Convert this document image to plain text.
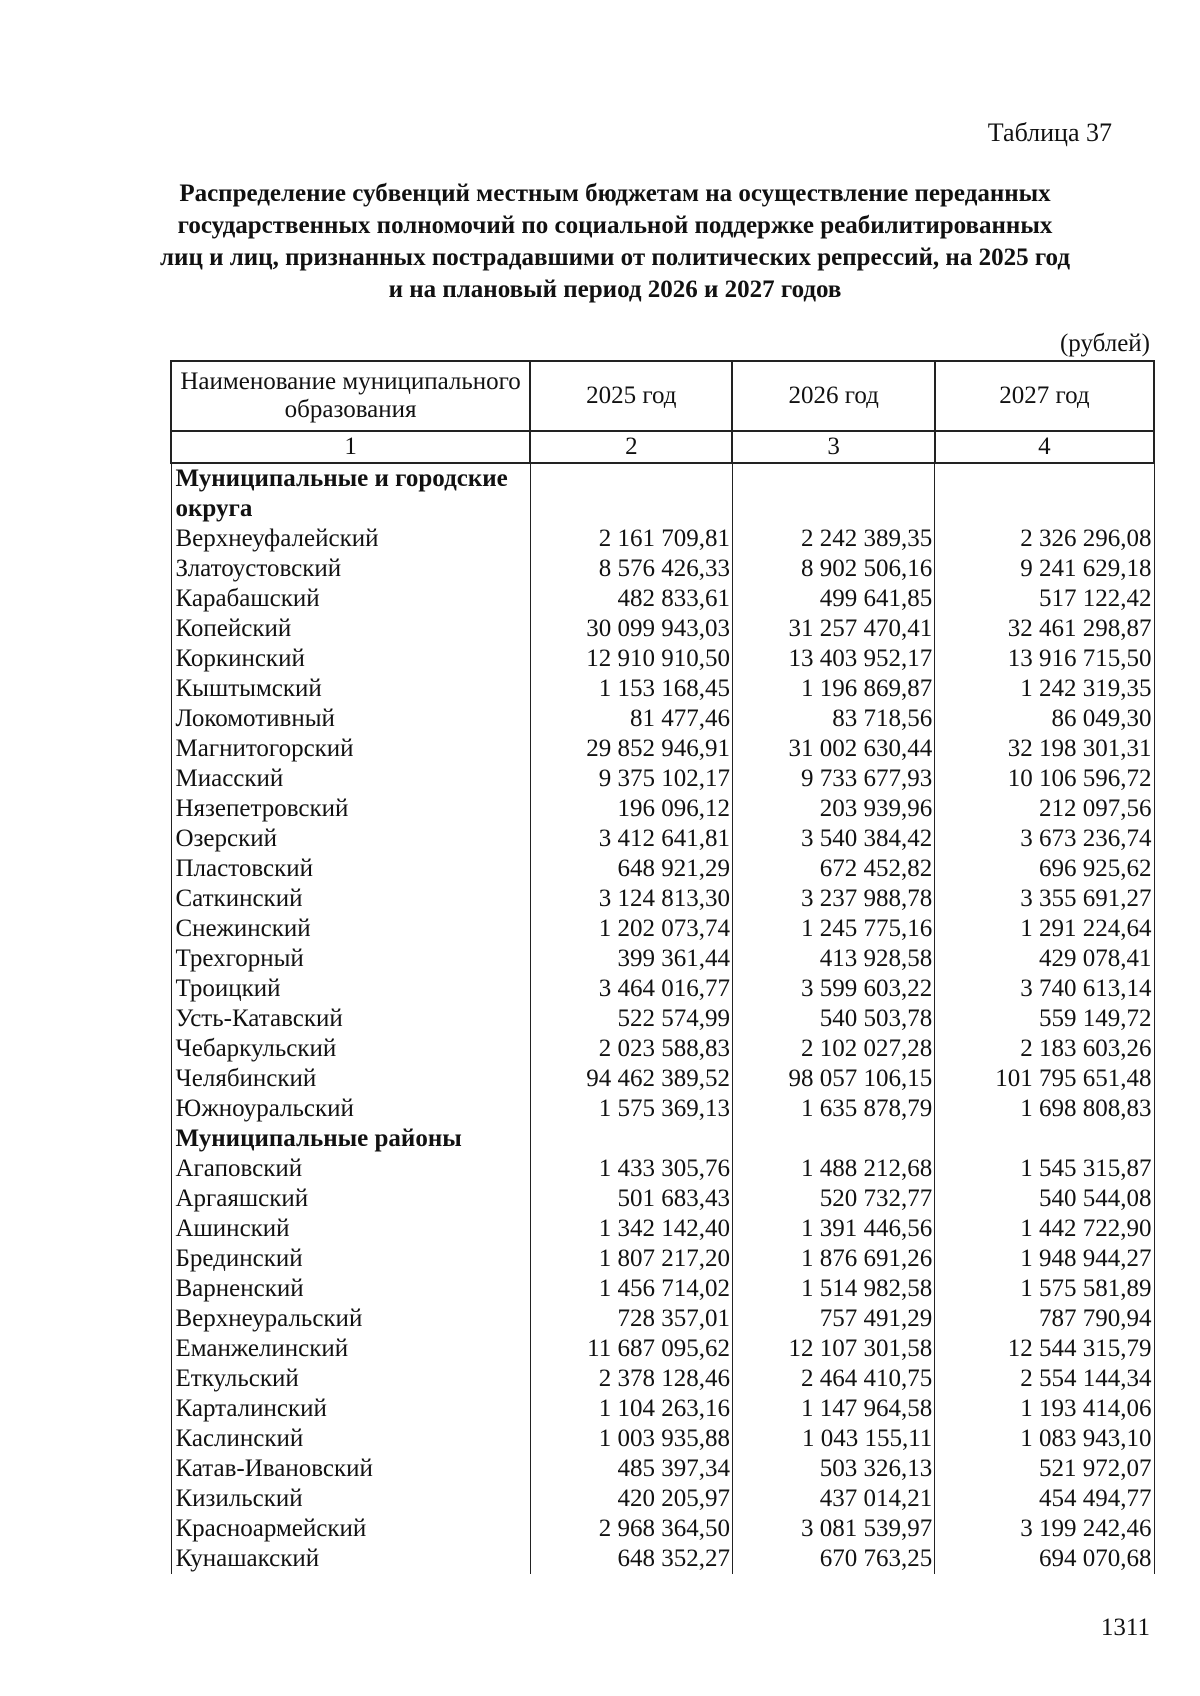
Таблица 37
Распределение субвенций местным бюджетам на осуществление переданных
государственных полномочий по социальной поддержке реабилитированных
лиц и лиц, признанных пострадавшими от политических репрессий, на 2025 год
и на плановый период 2026 и 2027 годов
(рублей)
Наименование муниципального образования	2025 год	2026 год	2027 год
1	2	3	4
Муниципальные и городские округа			
Верхнеуфалейский	2 161 709,81	2 242 389,35	2 326 296,08
Златоустовский	8 576 426,33	8 902 506,16	9 241 629,18
Карабашский	482 833,61	499 641,85	517 122,42
Копейский	30 099 943,03	31 257 470,41	32 461 298,87
Коркинский	12 910 910,50	13 403 952,17	13 916 715,50
Кыштымский	1 153 168,45	1 196 869,87	1 242 319,35
Локомотивный	81 477,46	83 718,56	86 049,30
Магнитогорский	29 852 946,91	31 002 630,44	32 198 301,31
Миасский	9 375 102,17	9 733 677,93	10 106 596,72
Нязепетровский	196 096,12	203 939,96	212 097,56
Озерский	3 412 641,81	3 540 384,42	3 673 236,74
Пластовский	648 921,29	672 452,82	696 925,62
Саткинский	3 124 813,30	3 237 988,78	3 355 691,27
Снежинский	1 202 073,74	1 245 775,16	1 291 224,64
Трехгорный	399 361,44	413 928,58	429 078,41
Троицкий	3 464 016,77	3 599 603,22	3 740 613,14
Усть-Катавский	522 574,99	540 503,78	559 149,72
Чебаркульский	2 023 588,83	2 102 027,28	2 183 603,26
Челябинский	94 462 389,52	98 057 106,15	101 795 651,48
Южноуральский	1 575 369,13	1 635 878,79	1 698 808,83
Муниципальные районы			
Агаповский	1 433 305,76	1 488 212,68	1 545 315,87
Аргаяшский	501 683,43	520 732,77	540 544,08
Ашинский	1 342 142,40	1 391 446,56	1 442 722,90
Брединский	1 807 217,20	1 876 691,26	1 948 944,27
Варненский	1 456 714,02	1 514 982,58	1 575 581,89
Верхнеуральский	728 357,01	757 491,29	787 790,94
Еманжелинский	11 687 095,62	12 107 301,58	12 544 315,79
Еткульский	2 378 128,46	2 464 410,75	2 554 144,34
Карталинский	1 104 263,16	1 147 964,58	1 193 414,06
Каслинский	1 003 935,88	1 043 155,11	1 083 943,10
Катав-Ивановский	485 397,34	503 326,13	521 972,07
Кизильский	420 205,97	437 014,21	454 494,77
Красноармейский	2 968 364,50	3 081 539,97	3 199 242,46
Кунашакский	648 352,27	670 763,25	694 070,68
1311
